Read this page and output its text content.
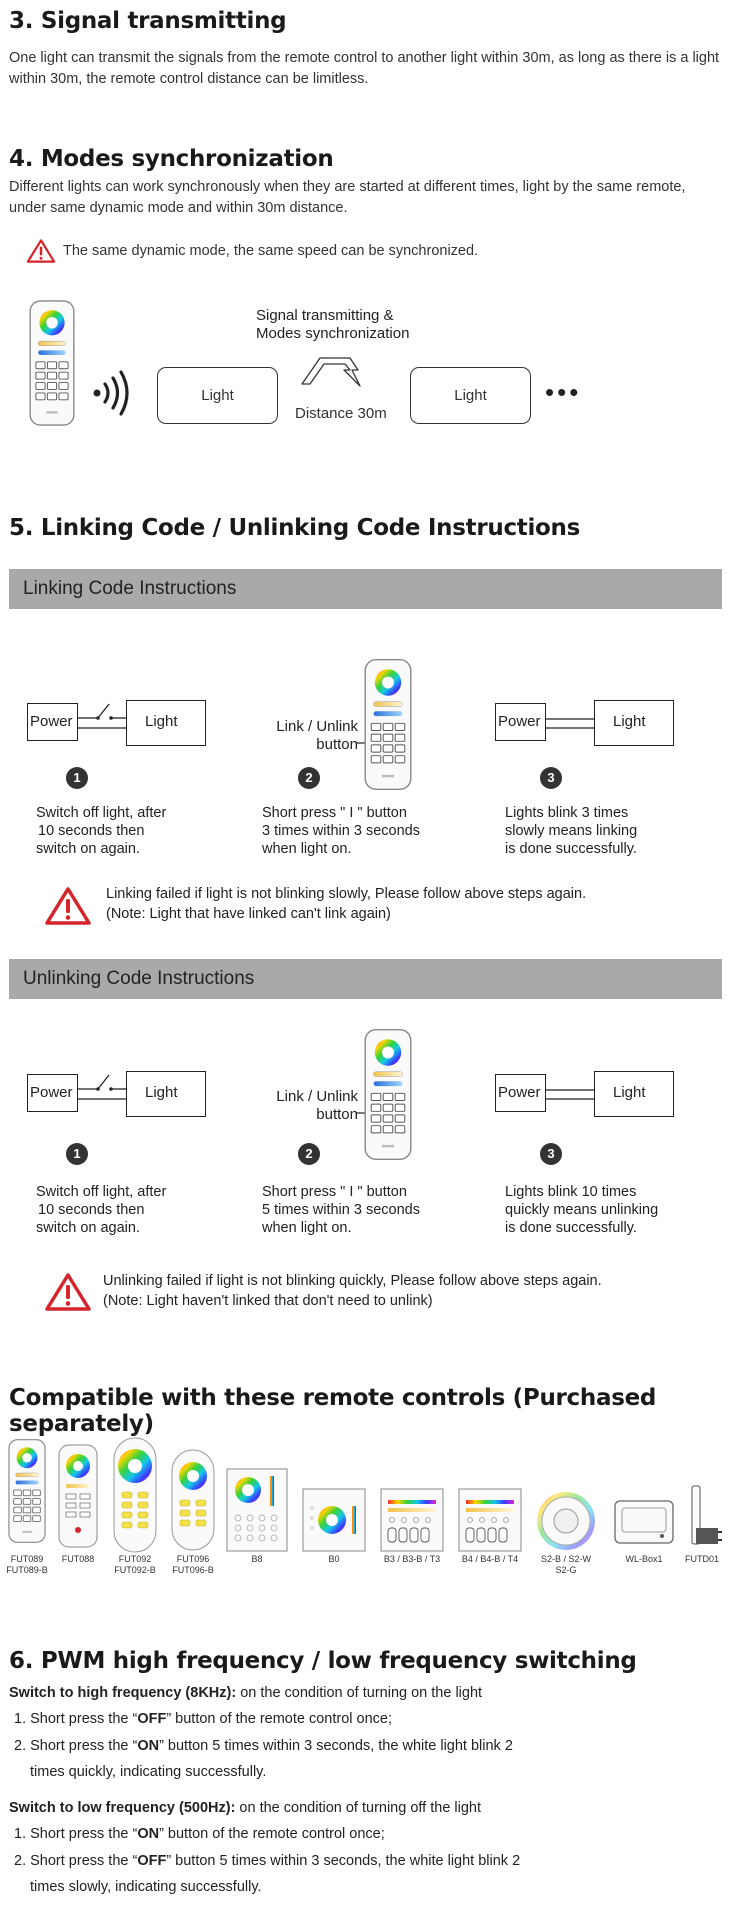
3. Signal transmitting

One light can transmit the signals from the remote control to another light within 30m, as long as there is a light within 30m, the remote control distance can be limitless.

4. Modes synchronization

Different lights can work synchronously when they are started at different times, light by the same remote, under same dynamic mode and within 30m distance.

The same dynamic mode, the same speed can be synchronized.
Light
Signal transmitting &
Modes synchronization
Distance 30m
Light	•••
5. Linking Code / Unlinking Code Instructions
Linking Code Instructions
Power	Light	Link / Unlink
button
Power	Light
1	2	3
Switch off light, after
10 seconds then
switch on again.
Short press " I " button
3 times within 3 seconds
when light on.
Lights blink 3 times
slowly means linking
is done successfully.
Linking failed if light is not blinking slowly, Please follow above steps again.
(Note: Light that have linked can't link again)
Unlinking Code Instructions
Power	Light	Link / Unlink
button
Power	Light
1	2	3
Switch off light, after
10 seconds then
switch on again.
Short press " I " button
5 times within 3 seconds
when light on.
Lights blink 10 times
quickly means unlinking
is done successfully.
Unlinking failed if light is not blinking quickly, Please follow above steps again.
(Note: Light haven't linked that don't need to unlink)
Compatible with these remote controls (Purchased separately)
FUT089
FUT089-B
FUT088	FUT092
FUT092-B
FUT096
FUT096-B
B8	B0	B3 / B3-B / T3	B4 / B4-B / T4	S2-B / S2-W
S2-G
WL-Box1	FUTD01
6. PWM high frequency / low frequency switching
Switch to high frequency (8KHz): on the condition of turning on the light
1. Short press the “OFF” button of the remote control once;
2. Short press the “ON” button 5 times within 3 seconds, the white light blink 2
times quickly, indicating successfully.
Switch to low frequency (500Hz): on the condition of turning off the light
1. Short press the “ON” button of the remote control once;
2. Short press the “OFF” button 5 times within 3 seconds, the white light blink 2
times slowly, indicating successfully.
